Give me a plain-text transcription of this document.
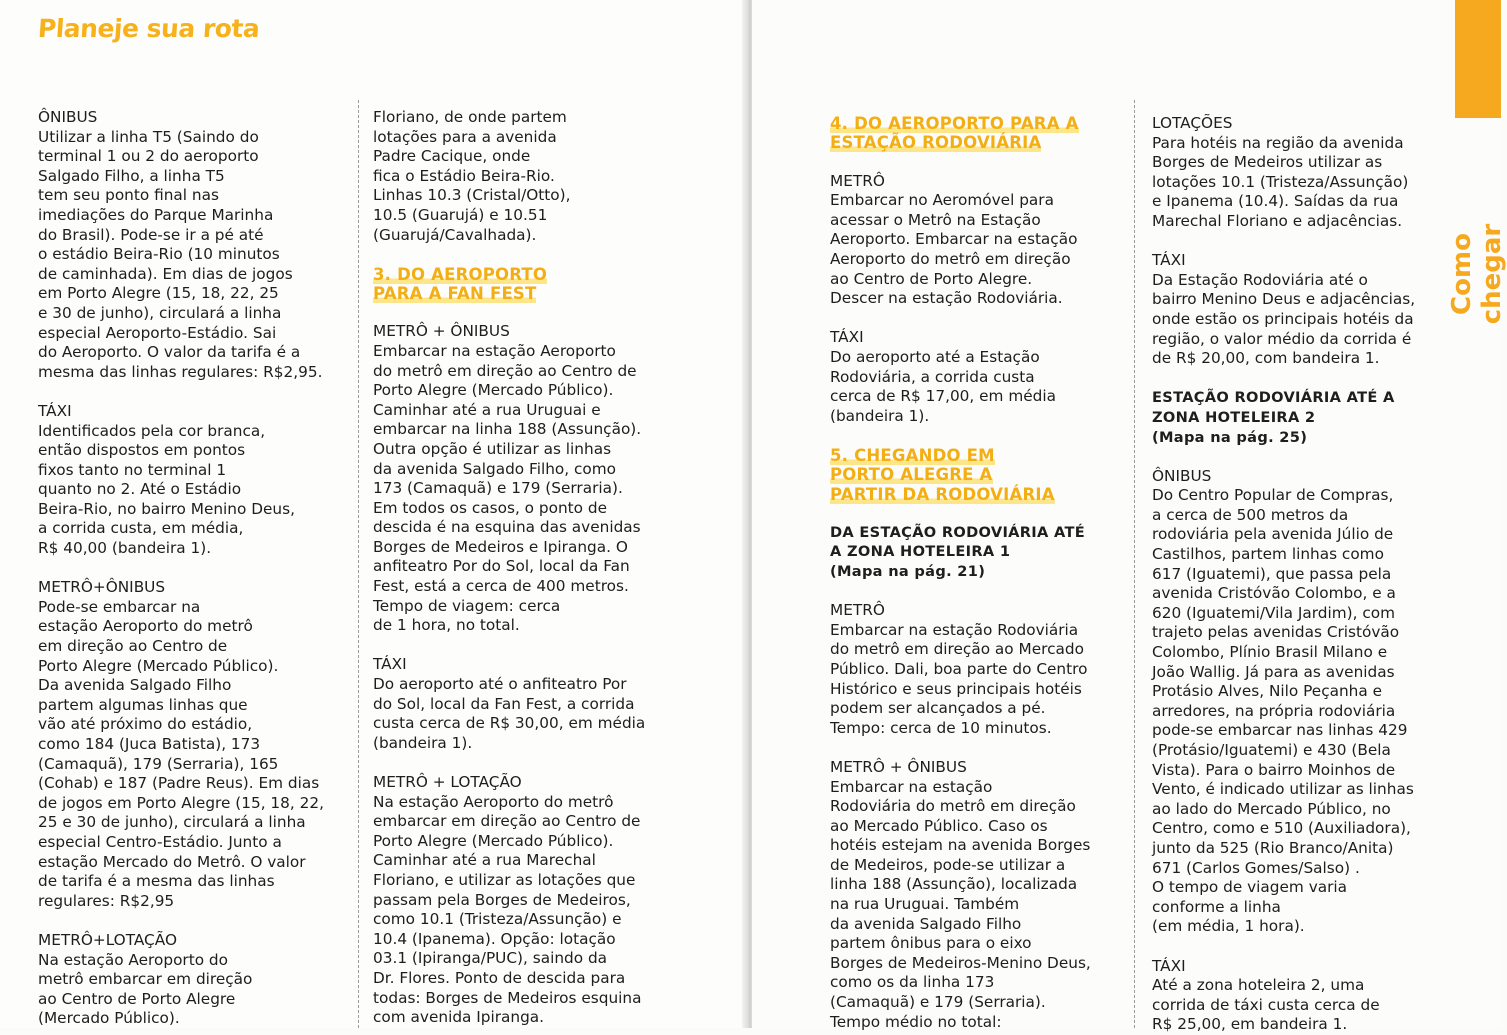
Planeje sua rota

ÔNIBUS
Utilizar a linha T5 (Saindo do
terminal 1 ou 2 do aeroporto
Salgado Filho, a linha T5
tem seu ponto final nas
imediações do Parque Marinha
do Brasil). Pode-se ir a pé até
o estádio Beira-Rio (10 minutos
de caminhada). Em dias de jogos
em Porto Alegre (15, 18, 22, 25
e 30 de junho), circulará a linha
especial Aeroporto-Estádio. Sai
do Aeroporto. O valor da tarifa é a
mesma das linhas regulares: R$2,95.

TÁXI
Identificados pela cor branca,
então dispostos em pontos
fixos tanto no terminal 1
quanto no 2. Até o Estádio
Beira-Rio, no bairro Menino Deus,
a corrida custa, em média,
R$ 40,00 (bandeira 1).

METRÔ+ÔNIBUS
Pode-se embarcar na
estação Aeroporto do metrô
em direção ao Centro de
Porto Alegre (Mercado Público).
Da avenida Salgado Filho
partem algumas linhas que
vão até próximo do estádio,
como 184 (Juca Batista), 173
(Camaquã), 179 (Serraria), 165
(Cohab) e 187 (Padre Reus). Em dias
de jogos em Porto Alegre (15, 18, 22,
25 e 30 de junho), circulará a linha
especial Centro-Estádio. Junto a
estação Mercado do Metrô. O valor
de tarifa é a mesma das linhas
regulares: R$2,95

METRÔ+LOTAÇÃO
Na estação Aeroporto do
metrô embarcar em direção
ao Centro de Porto Alegre
(Mercado Público).

Floriano, de onde partem
lotações para a avenida
Padre Cacique, onde
fica o Estádio Beira-Rio.
Linhas 10.3 (Cristal/Otto),
10.5 (Guarujá) e 10.51
(Guarujá/Cavalhada).

3. DO AEROPORTO
PARA A FAN FEST

METRÔ + ÔNIBUS
Embarcar na estação Aeroporto
do metrô em direção ao Centro de
Porto Alegre (Mercado Público).
Caminhar até a rua Uruguai e
embarcar na linha 188 (Assunção).
Outra opção é utilizar as linhas
da avenida Salgado Filho, como
173 (Camaquã) e 179 (Serraria).
Em todos os casos, o ponto de
descida é na esquina das avenidas
Borges de Medeiros e Ipiranga. O
anfiteatro Por do Sol, local da Fan
Fest, está a cerca de 400 metros.
Tempo de viagem: cerca
de 1 hora, no total.

TÁXI
Do aeroporto até o anfiteatro Por
do Sol, local da Fan Fest, a corrida
custa cerca de R$ 30,00, em média
(bandeira 1).

METRÔ + LOTAÇÃO
Na estação Aeroporto do metrô
embarcar em direção ao Centro de
Porto Alegre (Mercado Público).
Caminhar até a rua Marechal
Floriano, e utilizar as lotações que
passam pela Borges de Medeiros,
como 10.1 (Tristeza/Assunção) e
10.4 (Ipanema). Opção: lotação
03.1 (Ipiranga/PUC), saindo da
Dr. Flores. Ponto de descida para
todas: Borges de Medeiros esquina
com avenida Ipiranga.

4. DO AEROPORTO PARA A
ESTAÇÃO RODOVIÁRIA

METRÔ
Embarcar no Aeromóvel para
acessar o Metrô na Estação
Aeroporto. Embarcar na estação
Aeroporto do metrô em direção
ao Centro de Porto Alegre.
Descer na estação Rodoviária.

TÁXI
Do aeroporto até a Estação
Rodoviária, a corrida custa
cerca de R$ 17,00, em média
(bandeira 1).

5. CHEGANDO EM
PORTO ALEGRE A
PARTIR DA RODOVIÁRIA
DA ESTAÇÃO RODOVIÁRIA ATÉ
A ZONA HOTELEIRA 1
(Mapa na pág. 21)

METRÔ
Embarcar na estação Rodoviária
do metrô em direção ao Mercado
Público. Dali, boa parte do Centro
Histórico e seus principais hotéis
podem ser alcançados a pé.
Tempo: cerca de 10 minutos.

METRÔ + ÔNIBUS
Embarcar na estação
Rodoviária do metrô em direção
ao Mercado Público. Caso os
hotéis estejam na avenida Borges
de Medeiros, pode-se utilizar a
linha 188 (Assunção), localizada
na rua Uruguai. Também
da avenida Salgado Filho
partem ônibus para o eixo
Borges de Medeiros-Menino Deus,
como os da linha 173
(Camaquã) e 179 (Serraria).
Tempo médio no total:

LOTAÇÕES
Para hotéis na região da avenida
Borges de Medeiros utilizar as
lotações 10.1 (Tristeza/Assunção)
e Ipanema (10.4). Saídas da rua
Marechal Floriano e adjacências.

TÁXI
Da Estação Rodoviária até o
bairro Menino Deus e adjacências,
onde estão os principais hotéis da
região, o valor médio da corrida é
de R$ 20,00, com bandeira 1.

ESTAÇÃO RODOVIÁRIA ATÉ A
ZONA HOTELEIRA 2
(Mapa na pág. 25)

ÔNIBUS
Do Centro Popular de Compras,
a cerca de 500 metros da
rodoviária pela avenida Júlio de
Castilhos, partem linhas como
617 (Iguatemi), que passa pela
avenida Cristóvão Colombo, e a
620 (Iguatemi/Vila Jardim), com
trajeto pelas avenidas Cristóvão
Colombo, Plínio Brasil Milano e
João Wallig. Já para as avenidas
Protásio Alves, Nilo Peçanha e
arredores, na própria rodoviária
pode-se embarcar nas linhas 429
(Protásio/Iguatemi) e 430 (Bela
Vista). Para o bairro Moinhos de
Vento, é indicado utilizar as linhas
ao lado do Mercado Público, no
Centro, como e 510 (Auxiliadora),
junto da 525 (Rio Branco/Anita)
671 (Carlos Gomes/Salso) .
O tempo de viagem varia
conforme a linha
(em média, 1 hora).

TÁXI
Até a zona hoteleira 2, uma
corrida de táxi custa cerca de
R$ 25,00, em bandeira 1.

Como chegar
